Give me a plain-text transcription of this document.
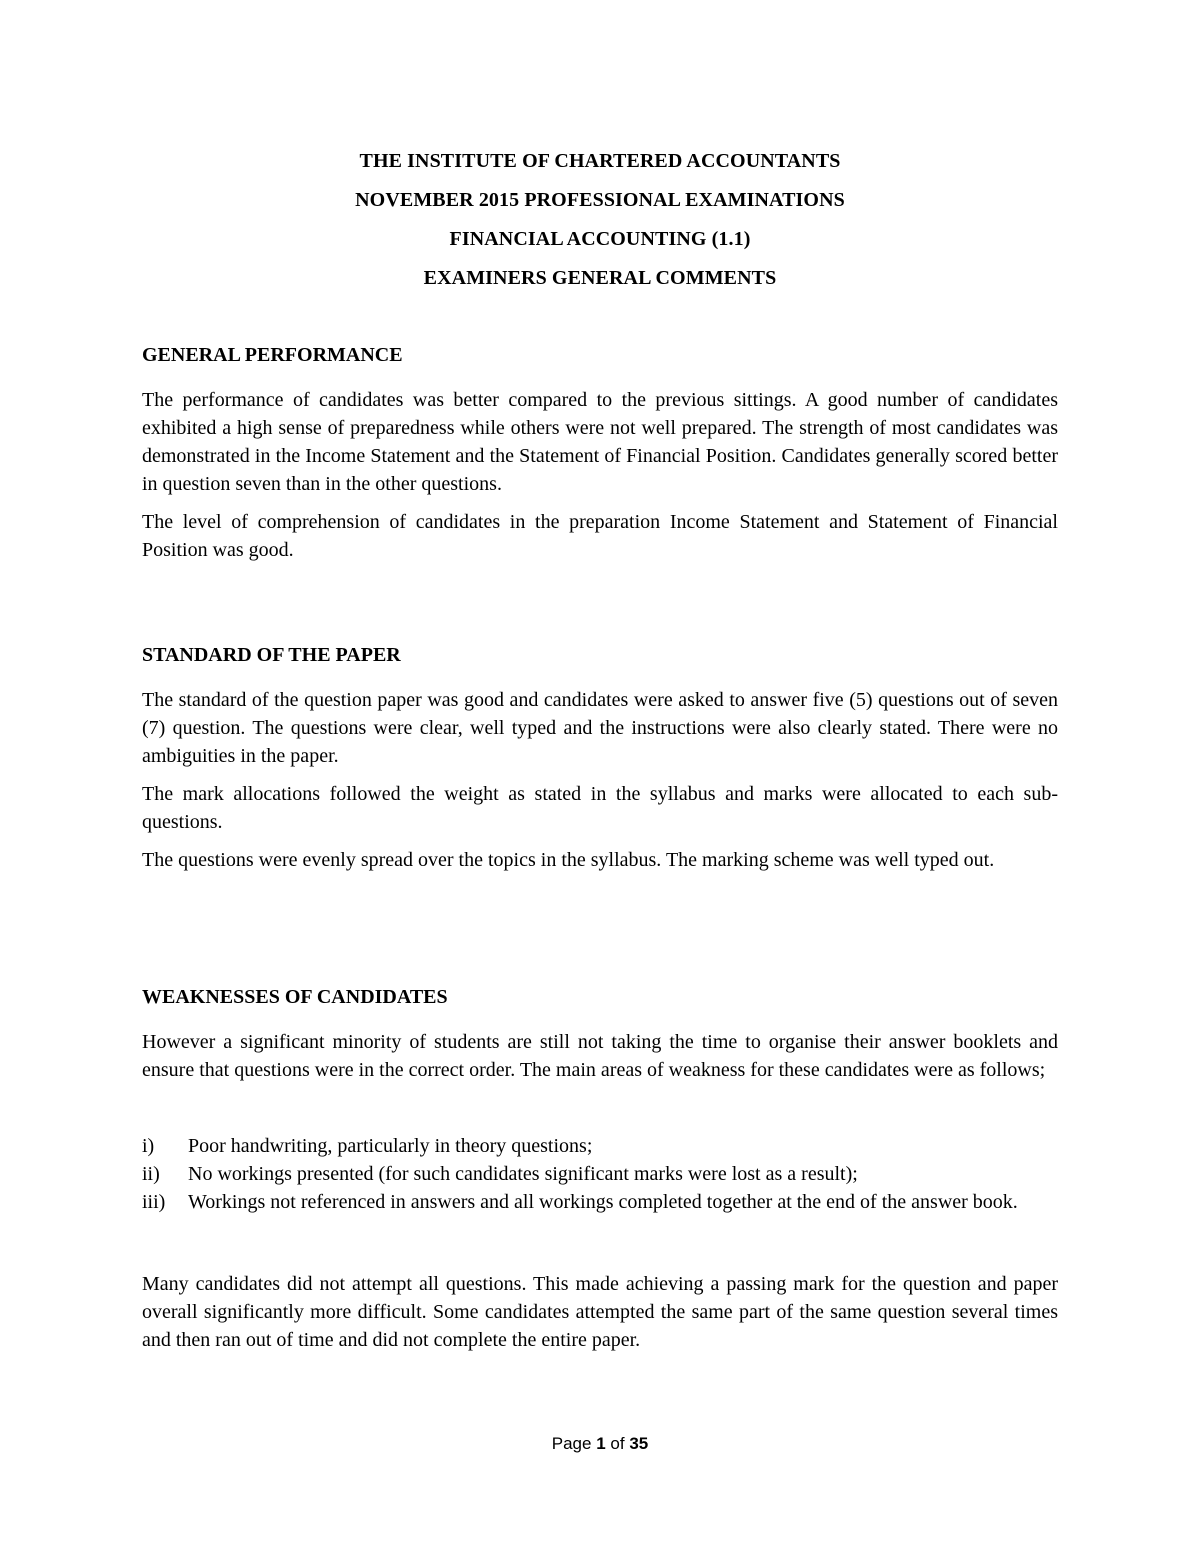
THE INSTITUTE OF CHARTERED ACCOUNTANTS
NOVEMBER 2015 PROFESSIONAL EXAMINATIONS
FINANCIAL ACCOUNTING (1.1)
EXAMINERS GENERAL COMMENTS
GENERAL PERFORMANCE

The performance of candidates was better compared to the previous sittings. A good number of candidates exhibited a high sense of preparedness while others were not well prepared. The strength of most candidates was demonstrated in the Income Statement and the Statement of Financial Position. Candidates generally scored better in question seven than in the other questions.

The level of comprehension of candidates in the preparation Income Statement and Statement of Financial Position was good.

STANDARD OF THE PAPER

The standard of the question paper was good and candidates were asked to answer five (5) questions out of seven (7) question. The questions were clear, well typed and the instructions were also clearly stated. There were no ambiguities in the paper.

The mark allocations followed the weight as stated in the syllabus and marks were allocated to each sub-questions.

The questions were evenly spread over the topics in the syllabus. The marking scheme was well typed out.

WEAKNESSES OF CANDIDATES

However a significant minority of students are still not taking the time to organise their answer booklets and ensure that questions were in the correct order. The main areas of weakness for these candidates were as follows;

i)	Poor handwriting, particularly in theory questions;
ii)	No workings presented (for such candidates significant marks were lost as a result);
iii)	Workings not referenced in answers and all workings completed together at the end of the answer book.

Many candidates did not attempt all questions. This made achieving a passing mark for the question and paper overall significantly more difficult. Some candidates attempted the same part of the same question several times and then ran out of time and did not complete the entire paper.

Page 1 of 35
